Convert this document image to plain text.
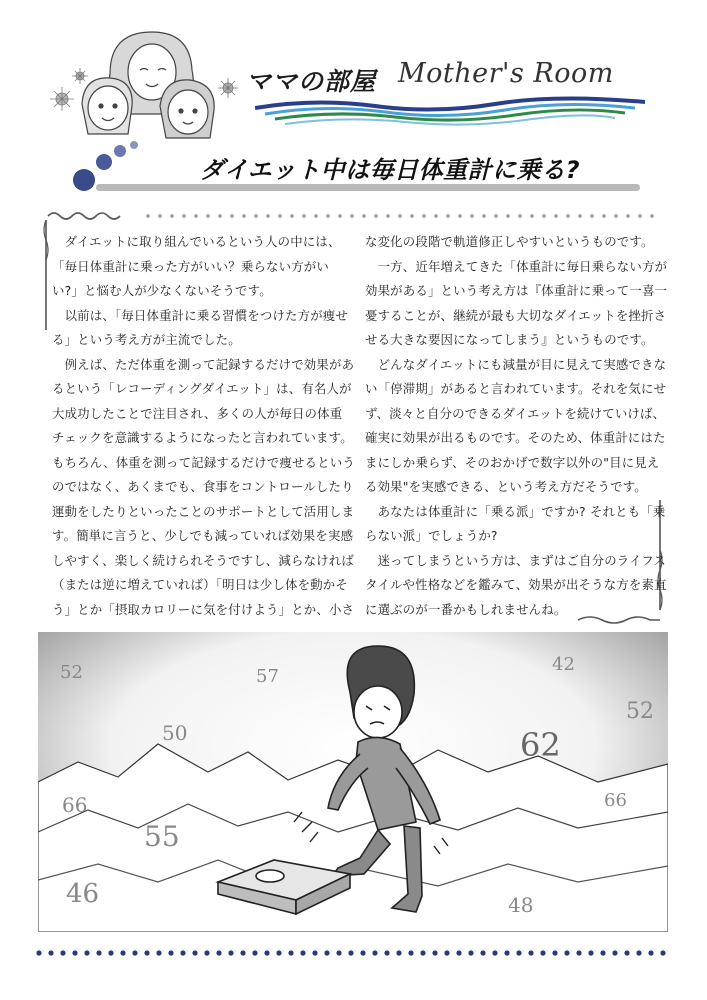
ママの部屋 Mother's Room
ダイエット中は毎日体重計に乗る?

　ダイエットに取り組んでいるという人の中には、

「毎日体重計に乗った方がいい？乗らない方がい

い?」と悩む人が少なくないそうです。

　以前は、「毎日体重計に乗る習慣をつけた方が痩せ

る」という考え方が主流でした。

　例えば、ただ体重を測って記録するだけで効果があ

るという「レコーディングダイエット」は、有名人が

大成功したことで注目され、多くの人が毎日の体重

チェックを意識するようになったと言われています。

もちろん、体重を測って記録するだけで痩せるという

のではなく、あくまでも、食事をコントロールしたり

運動をしたりといったことのサポートとして活用しま

す。簡単に言うと、少しでも減っていれば効果を実感

しやすく、楽しく続けられそうですし、減らなければ

（または逆に増えていれば）「明日は少し体を動かそ

う」とか「摂取カロリーに気を付けよう」とか、小さ

な変化の段階で軌道修正しやすいというものです。

　一方、近年増えてきた「体重計に毎日乗らない方が

効果がある」という考え方は『体重計に乗って一喜一

憂することが、継続が最も大切なダイエットを挫折さ

せる大きな要因になってしまう』というものです。

　どんなダイエットにも減量が目に見えて実感できな

い「停滞期」があると言われています。それを気にせ

ず、淡々と自分のできるダイエットを続けていけば、

確実に効果が出るものです。そのため、体重計にはた

まにしか乗らず、そのおかげで数字以外の"目に見え

る効果"を実感できる、という考え方だそうです。

　あなたは体重計に「乗る派」ですか? それとも「乗

らない派」でしょうか?

　迷ってしまうという方は、まずはご自分のライフス

タイルや性格などを鑑みて、効果が出そうな方を素直

に選ぶのが一番かもしれませんね。

52	57
42
52
50	62
66	66
55
46	48
